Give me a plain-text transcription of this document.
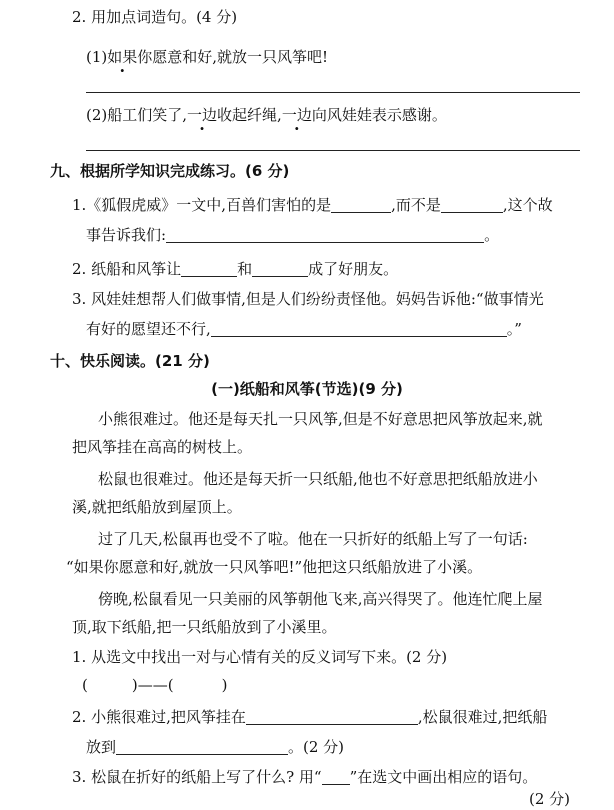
2. 用加点词造句。(4 分)
(1)如果你愿意和好,就放一只风筝吧!
(2)船工们笑了,一边收起纤绳,一边向风娃娃表示感谢。
九、根据所学知识完成练习。(6 分)
1.《狐假虎威》一文中,百兽们害怕的是	,而不是	,这个故
事告诉我们:	。
2. 纸船和风筝让	和	成了好朋友。
3. 风娃娃想帮人们做事情,但是人们纷纷责怪他。妈妈告诉他:“做事情光
有好的愿望还不行,	。”
十、快乐阅读。(21 分)
(一)纸船和风筝(节选)(9 分)
小熊很难过。他还是每天扎一只风筝,但是不好意思把风筝放起来,就
把风筝挂在高高的树枝上。
松鼠也很难过。他还是每天折一只纸船,他也不好意思把纸船放进小
溪,就把纸船放到屋顶上。
过了几天,松鼠再也受不了啦。他在一只折好的纸船上写了一句话:
“如果你愿意和好,就放一只风筝吧!”他把这只纸船放进了小溪。
傍晚,松鼠看见一只美丽的风筝朝他飞来,高兴得哭了。他连忙爬上屋
顶,取下纸船,把一只纸船放到了小溪里。
1. 从选文中找出一对与心情有关的反义词写下来。(2 分)
(	)——(	)
2. 小熊很难过,把风筝挂在	,松鼠很难过,把纸船
放到	。(2 分)
3. 松鼠在折好的纸船上写了什么? 用“ ”在选文中画出相应的语句。
(2 分)
